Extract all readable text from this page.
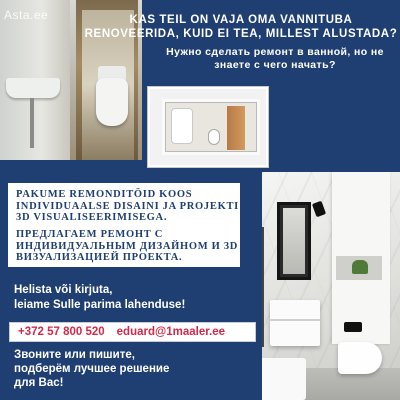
Asta.ee	KAS TEIL ON VAJA OMA VANNITUBA RENOVEERIDA, KUID EI TEA, MILLEST ALUSTADA?
Нужно сделать ремонт в ванной, но не знаете с чего начать?
PAKUME REMONDITÖID KOOS INDIVIDUAALSE DISAINI JA PROJEKTI 3D VISUALISEERIMISEGA.
ПРЕДЛАГАЕМ РЕМОНТ С ИНДИВИДУАЛЬНЫМ ДИЗАЙНОМ И 3D ВИЗУАЛИЗАЦИЕЙ ПРОЕКТА.
Helista või kirjuta,
leiame Sulle parima lahenduse!
+372 57 800 520 eduard@1maaler.ee
Звоните или пишите,
подберём лучшее решение
для Вас!
